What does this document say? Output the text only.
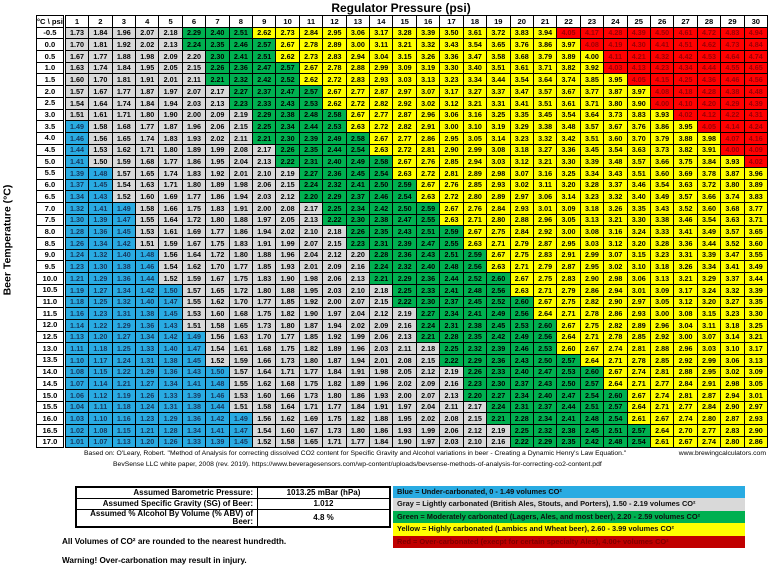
Regulator Pressure (psi)
Beer Temperature (°C)
°C \ psi		1	2	3	4	5	6	7	8	9	10	11	12	13	14	15	16	17	18	19	20	21	22	23	24	25	26	27	28	29	30
-0.5		1.73	1.84	1.96	2.07	2.18	2.29	2.40	2.51	2.62	2.73	2.84	2.95	3.06	3.17	3.28	3.39	3.50	3.61	3.72	3.83	3.94	4.05	4.17	4.28	4.39	4.50	4.61	4.72	4.83	4.94
0.0		1.70	1.81	1.92	2.02	2.13	2.24	2.35	2.46	2.57	2.67	2.78	2.89	3.00	3.11	3.21	3.32	3.43	3.54	3.65	3.76	3.86	3.97	4.08	4.19	4.30	4.41	4.51	4.62	4.73	4.84
0.5		1.67	1.77	1.88	1.98	2.09	2.20	2.30	2.41	2.51	2.62	2.73	2.83	2.94	3.04	3.15	3.26	3.36	3.47	3.58	3.68	3.79	3.89	4.00	4.11	4.21	4.32	4.42	4.53	4.64	4.74
1.0		1.63	1.74	1.84	1.95	2.05	2.15	2.26	2.36	2.47	2.57	2.67	2.78	2.88	2.99	3.09	3.19	3.30	3.40	3.51	3.61	3.71	3.82	3.92	4.03	4.13	4.23	4.34	4.44	4.55	4.65
1.5		1.60	1.70	1.81	1.91	2.01	2.11	2.21	2.32	2.42	2.52	2.62	2.72	2.83	2.93	3.03	3.13	3.23	3.34	3.44	3.54	3.64	3.74	3.85	3.95	4.05	4.15	4.25	4.36	4.46	4.56
2.0		1.57	1.67	1.77	1.87	1.97	2.07	2.17	2.27	2.37	2.47	2.57	2.67	2.77	2.87	2.97	3.07	3.17	3.27	3.37	3.47	3.57	3.67	3.77	3.87	3.97	4.08	4.18	4.28	4.38	4.48
2.5		1.54	1.64	1.74	1.84	1.94	2.03	2.13	2.23	2.33	2.43	2.53	2.62	2.72	2.82	2.92	3.02	3.12	3.21	3.31	3.41	3.51	3.61	3.71	3.80	3.90	4.00	4.10	4.20	4.29	4.39
3.0		1.51	1.61	1.71	1.80	1.90	2.00	2.09	2.19	2.29	2.38	2.48	2.58	2.67	2.77	2.87	2.96	3.06	3.16	3.25	3.35	3.45	3.54	3.64	3.73	3.83	3.93	4.02	4.12	4.22	4.31
3.5		1.49	1.58	1.68	1.77	1.87	1.96	2.06	2.15	2.25	2.34	2.44	2.53	2.63	2.72	2.82	2.91	3.00	3.10	3.19	3.29	3.38	3.48	3.57	3.67	3.76	3.86	3.95	4.05	4.14	4.24
4.0		1.46	1.56	1.65	1.74	1.83	1.93	2.02	2.11	2.21	2.30	2.39	2.49	2.58	2.67	2.77	2.86	2.95	3.05	3.14	3.23	3.32	3.42	3.51	3.60	3.70	3.79	3.88	3.98	4.07	4.16
4.5		1.44	1.53	1.62	1.71	1.80	1.89	1.99	2.08	2.17	2.26	2.35	2.44	2.54	2.63	2.72	2.81	2.90	2.99	3.08	3.18	3.27	3.36	3.45	3.54	3.63	3.73	3.82	3.91	4.00	4.09
5.0		1.41	1.50	1.59	1.68	1.77	1.86	1.95	2.04	2.13	2.22	2.31	2.40	2.49	2.58	2.67	2.76	2.85	2.94	3.03	3.12	3.21	3.30	3.39	3.48	3.57	3.66	3.75	3.84	3.93	4.02
5.5		1.39	1.48	1.57	1.65	1.74	1.83	1.92	2.01	2.10	2.19	2.27	2.36	2.45	2.54	2.63	2.72	2.81	2.89	2.98	3.07	3.16	3.25	3.34	3.43	3.51	3.60	3.69	3.78	3.87	3.96
6.0		1.37	1.45	1.54	1.63	1.71	1.80	1.89	1.98	2.06	2.15	2.24	2.32	2.41	2.50	2.59	2.67	2.76	2.85	2.93	3.02	3.11	3.20	3.28	3.37	3.46	3.54	3.63	3.72	3.80	3.89
6.5		1.34	1.43	1.52	1.60	1.69	1.77	1.86	1.94	2.03	2.12	2.20	2.29	2.37	2.46	2.54	2.63	2.72	2.80	2.89	2.97	3.06	3.14	3.23	3.32	3.40	3.49	3.57	3.66	3.74	3.83
7.0		1.32	1.41	1.49	1.58	1.66	1.75	1.83	1.91	2.00	2.08	2.17	2.25	2.34	2.42	2.50	2.59	2.67	2.76	2.84	2.93	3.01	3.09	3.18	3.26	3.35	3.43	3.52	3.60	3.68	3.77
7.5		1.30	1.39	1.47	1.55	1.64	1.72	1.80	1.88	1.97	2.05	2.13	2.22	2.30	2.38	2.47	2.55	2.63	2.71	2.80	2.88	2.96	3.05	3.13	3.21	3.30	3.38	3.46	3.54	3.63	3.71
8.0		1.28	1.36	1.45	1.53	1.61	1.69	1.77	1.86	1.94	2.02	2.10	2.18	2.26	2.35	2.43	2.51	2.59	2.67	2.75	2.84	2.92	3.00	3.08	3.16	3.24	3.33	3.41	3.49	3.57	3.65
8.5		1.26	1.34	1.42	1.51	1.59	1.67	1.75	1.83	1.91	1.99	2.07	2.15	2.23	2.31	2.39	2.47	2.55	2.63	2.71	2.79	2.87	2.95	3.03	3.12	3.20	3.28	3.36	3.44	3.52	3.60
9.0		1.24	1.32	1.40	1.48	1.56	1.64	1.72	1.80	1.88	1.96	2.04	2.12	2.20	2.28	2.36	2.43	2.51	2.59	2.67	2.75	2.83	2.91	2.99	3.07	3.15	3.23	3.31	3.39	3.47	3.55
9.5		1.23	1.30	1.38	1.46	1.54	1.62	1.70	1.77	1.85	1.93	2.01	2.09	2.16	2.24	2.32	2.40	2.48	2.56	2.63	2.71	2.79	2.87	2.95	3.02	3.10	3.18	3.26	3.34	3.41	3.49
10.0		1.21	1.29	1.36	1.44	1.52	1.59	1.67	1.75	1.83	1.90	1.98	2.06	2.13	2.21	2.29	2.36	2.44	2.52	2.60	2.67	2.75	2.83	2.90	2.98	3.06	3.13	3.21	3.29	3.37	3.44
10.5		1.19	1.27	1.34	1.42	1.50	1.57	1.65	1.72	1.80	1.88	1.95	2.03	2.10	2.18	2.25	2.33	2.41	2.48	2.56	2.63	2.71	2.79	2.86	2.94	3.01	3.09	3.17	3.24	3.32	3.39
11.0		1.18	1.25	1.32	1.40	1.47	1.55	1.62	1.70	1.77	1.85	1.92	2.00	2.07	2.15	2.22	2.30	2.37	2.45	2.52	2.60	2.67	2.75	2.82	2.90	2.97	3.05	3.12	3.20	3.27	3.35
11.5		1.16	1.23	1.31	1.38	1.45	1.53	1.60	1.68	1.75	1.82	1.90	1.97	2.04	2.12	2.19	2.27	2.34	2.41	2.49	2.56	2.64	2.71	2.78	2.86	2.93	3.00	3.08	3.15	3.23	3.30
12.0		1.14	1.22	1.29	1.36	1.43	1.51	1.58	1.65	1.73	1.80	1.87	1.94	2.02	2.09	2.16	2.24	2.31	2.38	2.45	2.53	2.60	2.67	2.75	2.82	2.89	2.96	3.04	3.11	3.18	3.25
12.5		1.13	1.20	1.27	1.34	1.42	1.49	1.56	1.63	1.70	1.77	1.85	1.92	1.99	2.06	2.13	2.21	2.28	2.35	2.42	2.49	2.56	2.64	2.71	2.78	2.85	2.92	3.00	3.07	3.14	3.21
13.0		1.11	1.18	1.25	1.33	1.40	1.47	1.54	1.61	1.68	1.75	1.82	1.89	1.96	2.03	2.11	2.18	2.25	2.32	2.39	2.46	2.53	2.60	2.67	2.74	2.81	2.88	2.96	3.03	3.10	3.17
13.5		1.10	1.17	1.24	1.31	1.38	1.45	1.52	1.59	1.66	1.73	1.80	1.87	1.94	2.01	2.08	2.15	2.22	2.29	2.36	2.43	2.50	2.57	2.64	2.71	2.78	2.85	2.92	2.99	3.06	3.13
14.0		1.08	1.15	1.22	1.29	1.36	1.43	1.50	1.57	1.64	1.71	1.77	1.84	1.91	1.98	2.05	2.12	2.19	2.26	2.33	2.40	2.47	2.53	2.60	2.67	2.74	2.81	2.88	2.95	3.02	3.09
14.5		1.07	1.14	1.21	1.27	1.34	1.41	1.48	1.55	1.62	1.68	1.75	1.82	1.89	1.96	2.02	2.09	2.16	2.23	2.30	2.37	2.43	2.50	2.57	2.64	2.71	2.77	2.84	2.91	2.98	3.05
15.0		1.06	1.12	1.19	1.26	1.33	1.39	1.46	1.53	1.60	1.66	1.73	1.80	1.86	1.93	2.00	2.07	2.13	2.20	2.27	2.34	2.40	2.47	2.54	2.60	2.67	2.74	2.81	2.87	2.94	3.01
15.5		1.04	1.11	1.18	1.24	1.31	1.38	1.44	1.51	1.58	1.64	1.71	1.77	1.84	1.91	1.97	2.04	2.11	2.17	2.24	2.31	2.37	2.44	2.51	2.57	2.64	2.71	2.77	2.84	2.90	2.97
16.0		1.03	1.10	1.16	1.23	1.29	1.36	1.42	1.49	1.56	1.62	1.69	1.75	1.82	1.88	1.95	2.02	2.08	2.15	2.21	2.28	2.34	2.41	2.48	2.54	2.61	2.67	2.74	2.80	2.87	2.93
16.5		1.02	1.08	1.15	1.21	1.28	1.34	1.41	1.47	1.54	1.60	1.67	1.73	1.80	1.86	1.93	1.99	2.06	2.12	2.19	2.25	2.32	2.38	2.45	2.51	2.57	2.64	2.70	2.77	2.83	2.90
17.0		1.01	1.07	1.13	1.20	1.26	1.33	1.39	1.45	1.52	1.58	1.65	1.71	1.77	1.84	1.90	1.97	2.03	2.10	2.16	2.22	2.29	2.35	2.42	2.48	2.54	2.61	2.67	2.74	2.80	2.86
Based on: O'Leary, Robert. "Method of Analysis for correcting dissolved CO2 content for Specific Gravity and Alcohol variations in beer - Creating a Dynamic Henry's Law Equation."	www.brewingcalculators.com
BevSense LLC white paper, 2008 (rev. 2019). https://www.beveragesensors.com/wp-content/uploads/bevsense-methods-of-analysis-for-correcting-co2-content.pdf
Assumed Barometric Pressure:	1013.25 mBar (hPa)
Assumed Specific Gravity (SG) of Beer:	1.012
Assumed % Alcohol By Volume (% ABV) of Beer:	4.8 %
All Volumes of CO² are rounded to the nearest hundredth.
Warning! Over-carbonation may result in injury.
Blue = Under-carbonated, 0 - 1.49 volumes CO²
Gray = Lightly carbonated (British Ales, Stouts, and Porters), 1.50 - 2.19 volumes CO²
Green = Moderately carbonated (Lagers, Ales, and most beer), 2.20 - 2.59 volumes CO²
Yellow = Highly carbonated (Lambics and Wheat beer), 2.60 - 3.99 volumes CO²
Red = Over-carbonated (execpt for certain specialty Ales), 4.00+ volumes CO²
